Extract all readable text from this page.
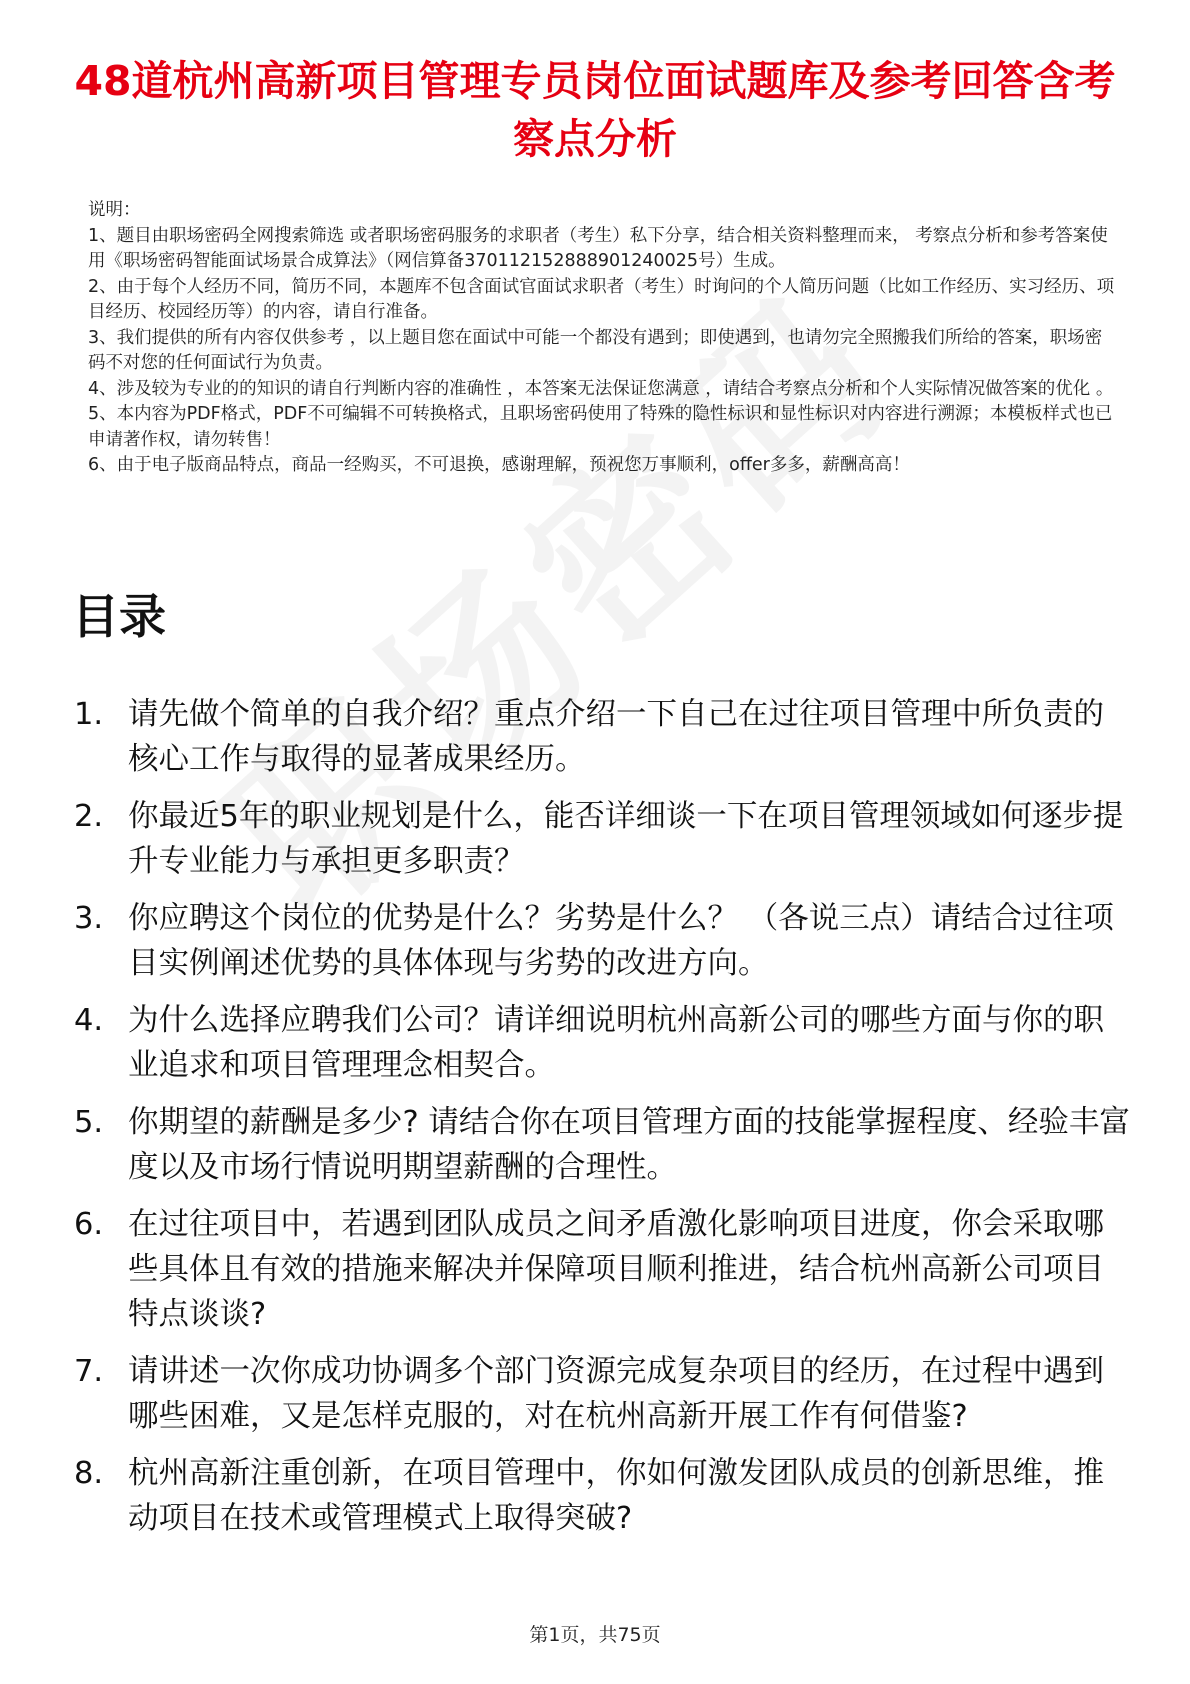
48道杭州高新项目管理专员岗位面试题库及参考回答含考察点分析

说明：

1、题目由职场密码全网搜索筛选 或者职场密码服务的求职者（考生）私下分享，结合相关资料整理而来， 考察点分析和参考答案使用《职场密码智能面试场景合成算法》（网信算备370112152888901240025号）生成。

2、由于每个人经历不同，简历不同，本题库不包含面试官面试求职者（考生）时询问的个人简历问题（比如工作经历、实习经历、项目经历、校园经历等）的内容，请自行准备。

3、我们提供的所有内容仅供参考 ，以上题目您在面试中可能一个都没有遇到；即使遇到，也请勿完全照搬我们所给的答案，职场密码不对您的任何面试行为负责。

4、涉及较为专业的的知识的请自行判断内容的准确性 ，本答案无法保证您满意 ，请结合考察点分析和个人实际情况做答案的优化 。

5、本内容为PDF格式，PDF不可编辑不可转换格式，且职场密码使用了特殊的隐性标识和显性标识对内容进行溯源；本模板样式也已申请著作权，请勿转售！

6、由于电子版商品特点，商品一经购买，不可退换，感谢理解，预祝您万事顺利，offer多多，薪酬高高！

目录
1. 请先做个简单的自我介绍？重点介绍一下自己在过往项目管理中所负责的核心工作与取得的显著成果经历。
2. 你最近5年的职业规划是什么，能否详细谈一下在项目管理领域如何逐步提升专业能力与承担更多职责？
3. 你应聘这个岗位的优势是什么？劣势是什么？ （各说三点）请结合过往项目实例阐述优势的具体体现与劣势的改进方向。
4. 为什么选择应聘我们公司？请详细说明杭州高新公司的哪些方面与你的职业追求和项目管理理念相契合。
5. 你期望的薪酬是多少? 请结合你在项目管理方面的技能掌握程度、经验丰富度以及市场行情说明期望薪酬的合理性。
6. 在过往项目中，若遇到团队成员之间矛盾激化影响项目进度，你会采取哪些具体且有效的措施来解决并保障项目顺利推进，结合杭州高新公司项目特点谈谈?
7. 请讲述一次你成功协调多个部门资源完成复杂项目的经历，在过程中遇到哪些困难，又是怎样克服的，对在杭州高新开展工作有何借鉴?
8. 杭州高新注重创新，在项目管理中，你如何激发团队成员的创新思维，推动项目在技术或管理模式上取得突破?
第1页，共75页
